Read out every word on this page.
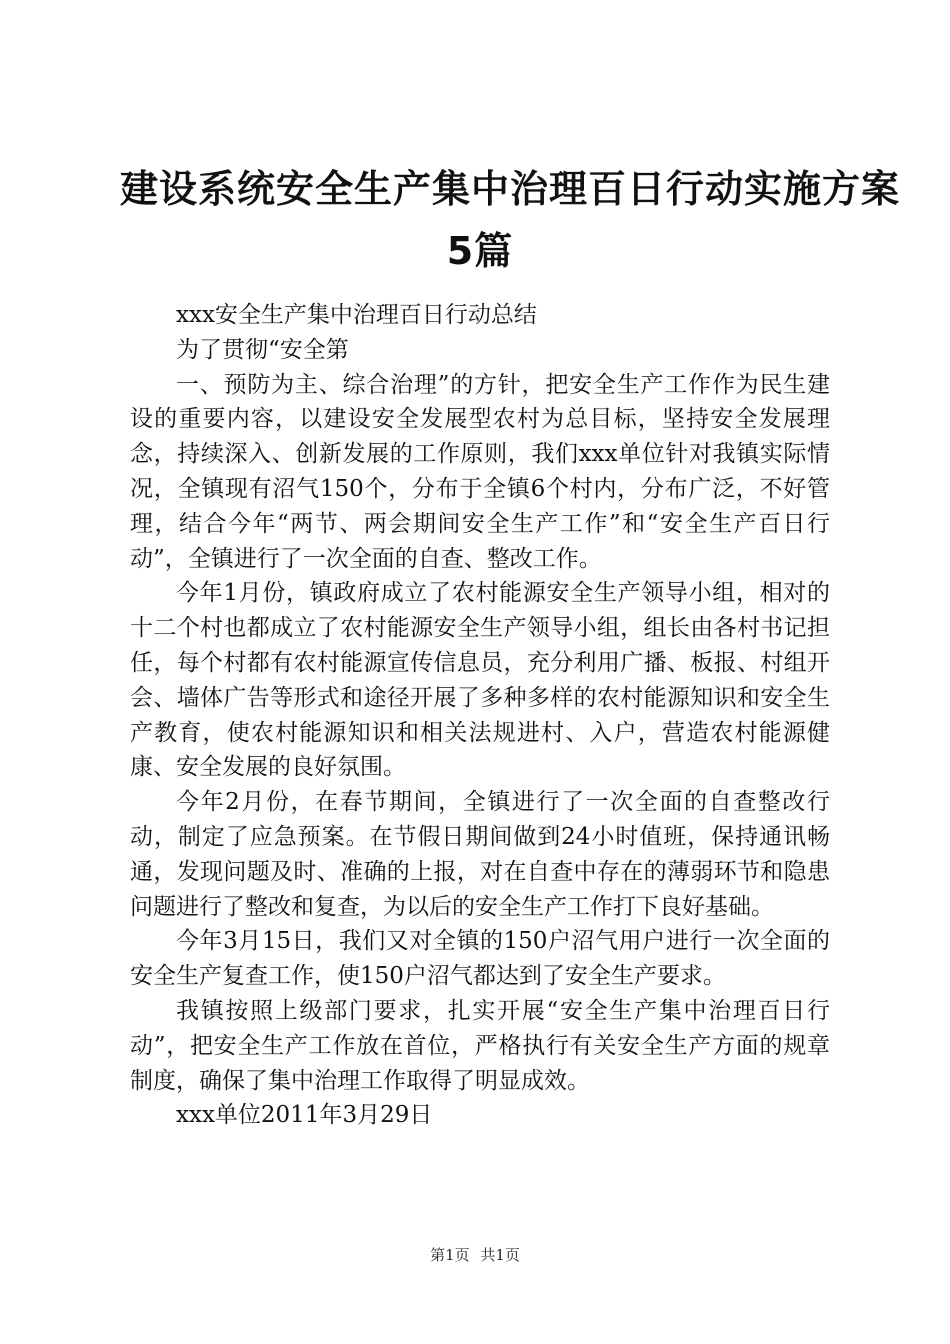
建设系统安全生产集中治理百日行动实施方案
5篇

xxx安全生产集中治理百日行动总结

为了贯彻“安全第

一、预防为主、综合治理”的方针，把安全生产工作作为民生建设的重要内容，以建设安全发展型农村为总目标，坚持安全发展理念，持续深入、创新发展的工作原则，我们xxx单位针对我镇实际情况，全镇现有沼气150个，分布于全镇6个村内，分布广泛，不好管理，结合今年“两节、两会期间安全生产工作”和“安全生产百日行动”，全镇进行了一次全面的自查、整改工作。

今年1月份，镇政府成立了农村能源安全生产领导小组，相对的十二个村也都成立了农村能源安全生产领导小组，组长由各村书记担任，每个村都有农村能源宣传信息员，充分利用广播、板报、村组开会、墙体广告等形式和途径开展了多种多样的农村能源知识和安全生产教育，使农村能源知识和相关法规进村、入户，营造农村能源健康、安全发展的良好氛围。

今年2月份，在春节期间，全镇进行了一次全面的自查整改行动，制定了应急预案。在节假日期间做到24小时值班，保持通讯畅通，发现问题及时、准确的上报，对在自查中存在的薄弱环节和隐患问题进行了整改和复查，为以后的安全生产工作打下良好基础。

今年3月15日，我们又对全镇的150户沼气用户进行一次全面的安全生产复查工作，使150户沼气都达到了安全生产要求。

我镇按照上级部门要求，扎实开展“安全生产集中治理百日行动”，把安全生产工作放在首位，严格执行有关安全生产方面的规章制度，确保了集中治理工作取得了明显成效。

xxx单位2011年3月29日

第1页 共1页
